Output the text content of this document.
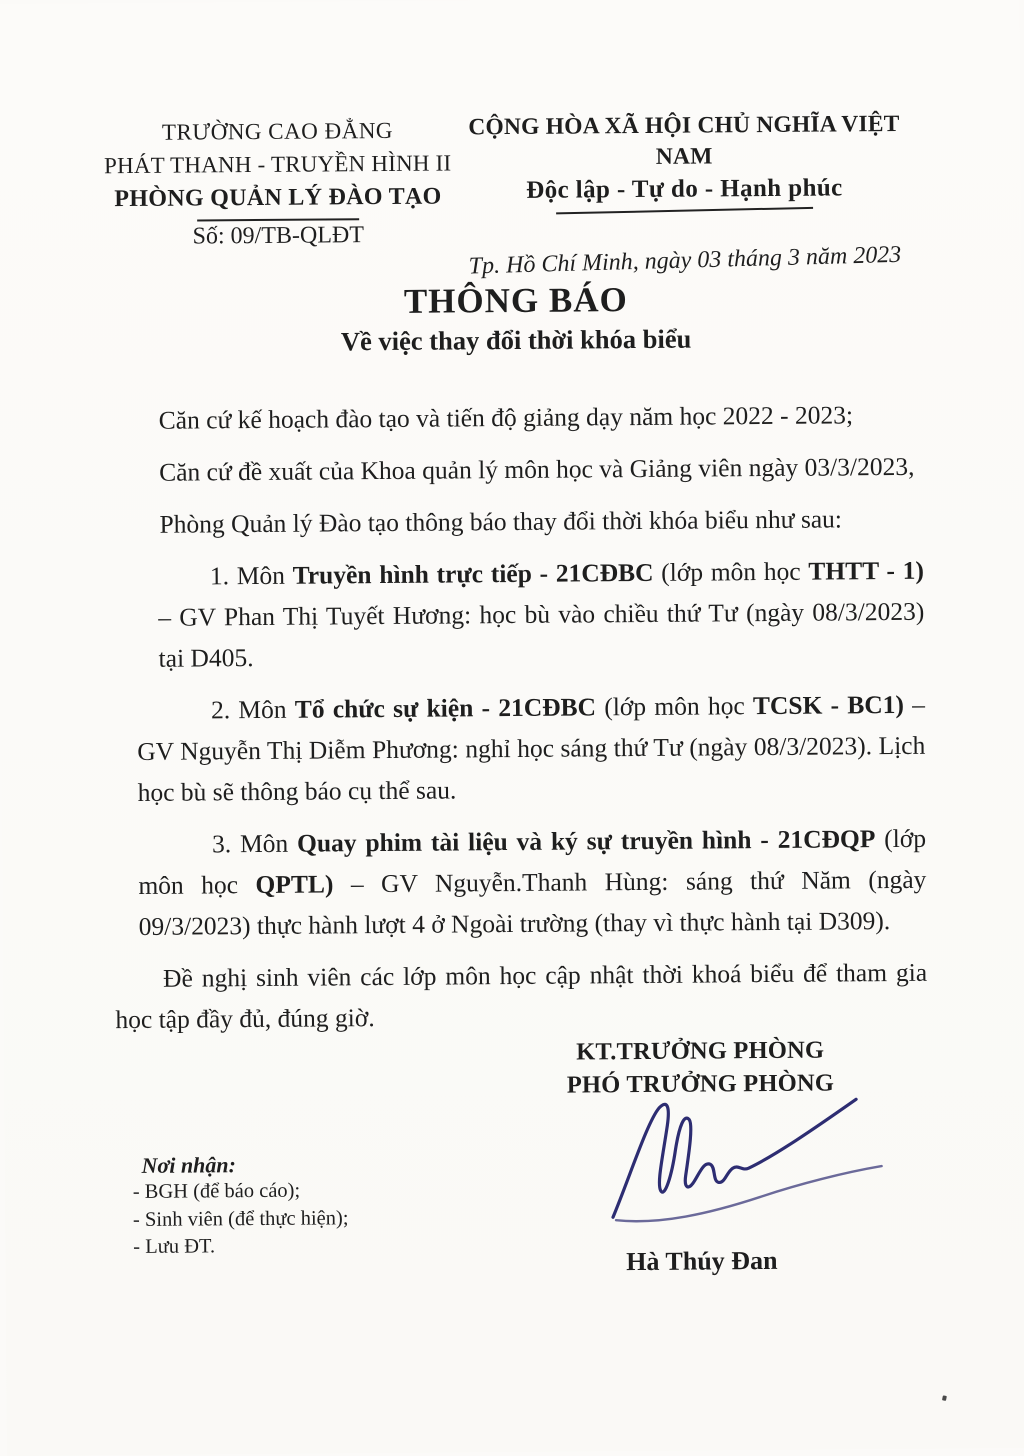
TRƯỜNG CAO ĐẲNG
PHÁT THANH - TRUYỀN HÌNH II
PHÒNG QUẢN LÝ ĐÀO TẠO
Số: 09/TB-QLĐT
CỘNG HÒA XÃ HỘI CHỦ NGHĨA VIỆT NAM
Độc lập - Tự do - Hạnh phúc
Tp. Hồ Chí Minh, ngày 03 tháng 3 năm 2023
THÔNG BÁO
Về việc thay đổi thời khóa biểu

Căn cứ kế hoạch đào tạo và tiến độ giảng dạy năm học 2022 - 2023;

Căn cứ đề xuất của Khoa quản lý môn học và Giảng viên ngày 03/3/2023,

Phòng Quản lý Đào tạo thông báo thay đổi thời khóa biểu như sau:

1. Môn Truyền hình trực tiếp - 21CĐBC (lớp môn học THTT - 1) – GV Phan Thị Tuyết Hương: học bù vào chiều thứ Tư (ngày 08/3/2023) tại D405.

2. Môn Tổ chức sự kiện - 21CĐBC (lớp môn học TCSK - BC1) – GV Nguyễn Thị Diễm Phương: nghỉ học sáng thứ Tư (ngày 08/3/2023). Lịch học bù sẽ thông báo cụ thể sau.

3. Môn Quay phim tài liệu và ký sự truyền hình - 21CĐQP (lớp môn học QPTL) – GV Nguyễn.Thanh Hùng: sáng thứ Năm (ngày 09/3/2023) thực hành lượt 4 ở Ngoài trường (thay vì thực hành tại D309).

Đề nghị sinh viên các lớp môn học cập nhật thời khoá biểu để tham gia học tập đầy đủ, đúng giờ.

KT.TRƯỞNG PHÒNG
PHÓ TRƯỞNG PHÒNG
Hà Thúy Đan
Nơi nhận:
- BGH (để báo cáo);
- Sinh viên (để thực hiện);
- Lưu ĐT.
